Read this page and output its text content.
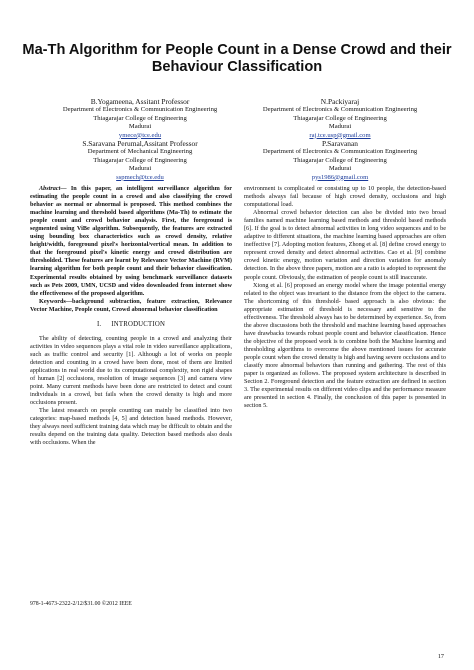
Ma-Th Algorithm for People Count in a Dense Crowd and their Behaviour Classification
B.Yogameena, Assitant Professor
Department of Electronics & Communication Engineering
Thiagarajar College of Engineering
Madurai
ymece@tce.edu
N.Packiyaraj
Department of Electronics & Communication Engineering
Thiagarajar College of Engineering
Madurai
raj.tce.usp@gmail.com
S.Saravana Perumal,Assitant Professor
Department of Mechanical Engineering
Thiagarajar College of Engineering
Madurai
sspmech@tce.edu
P.Saravanan
Department of Electronics & Communication Engineering
Thiagarajar College of Engineering
Madurai
pys1986@gmail.com

Abstract— In this paper, an intelligent surveillance algorithm for estimating the people count in a crowd and also classifying the crowd behavior as normal or abnormal is proposed. This method combines the machine learning and threshold based algorithms (Ma-Th) to estimate the people count and crowd behavior analysis. First, the foreground is segmented using ViBe algorithm. Subsequently, the features are extracted using bounding box characteristics such as crowd density, relative height/width, foreground pixel's horizontal/vertical mean. In addition to that the foreground pixel's kinetic energy and crowd distribution are thresholded. These features are learnt by Relevance Vector Machine (RVM) learning algorithm for both people count and their behavior classification. Experimental results obtained by using benchmark surveillance datasets such as Pets 2009, UMN, UCSD and video downloaded from internet show the effectiveness of the proposed algorithm.

Keywords—background subtraction, feature extraction, Relevance Vector Machine, People count, Crowd abnormal behavior classification

I. INTRODUCTION

The ability of detecting, counting people in a crowd and analyzing their activities in video sequences plays a vital role in video surveillance applications, such as traffic control and security [1]. Although a lot of works on people detection and counting in a crowd have been done, most of them are limited applications in real world due to its computational complexity, non rigid shapes of human [2] occlusions, resolution of image sequences [3] and camera view point. Many current methods have been done are restricted to detect and count individuals in a crowd, but fails when the crowd density is high and more occlusions present.

The latest research on people counting can mainly be classified into two categories: map-based methods [4, 5] and detection based methods. However, they always need sufficient training data which may be difficult to obtain and the results depend on the training data quality. Detection based methods also deals with occlusions. When the

environment is complicated or consisting up to 10 people, the detection-based methods always fail because of high crowd density, occlusions and high computational load.

Abnormal crowd behavior detection can also be divided into two broad families named machine learning based methods and threshold based methods [6]. If the goal is to detect abnormal activities in long video sequences and to be adaptive to different situations, the machine learning based approaches are often ineffective [7]. Adopting motion features, Zhong et al. [8] define crowd energy to represent crowd density and detect abnormal activities. Cao et al. [9] combine crowd kinetic energy, motion variation and direction variation for anomaly detection. In the above three papers, motion are a ratio is adopted to represent the people count. Obviously, the estimation of people count is still inaccurate.

Xiong et al. [6] proposed an energy model where the image potential energy related to the object was invariant to the distance from the object to the camera. The shortcoming of this threshold- based approach is also obvious: the appropriate estimation of threshold is necessary and sensitive to the effectiveness. The threshold always has to be determined by experience. So, from the above discussions both the threshold and machine learning based approaches have drawbacks towards robust people count and behavior classification. Hence the objective of the proposed work is to combine both the Machine learning and thresholding algorithms to overcome the above mentioned issues for accurate people count when the crowd density is high and having severe occlusions and to classify more abnormal behaviors than running and gathering. The rest of this paper is organized as follows. The proposed system architecture is described in Section 2. Foreground detection and the feature extraction are defined in section 3. The experimental results on different video clips and the performance measure are presented in section 4. Finally, the conclusion of this paper is presented in section 5.

978-1-4673-2322-2/12/$31.00 ©2012 IEEE
17
